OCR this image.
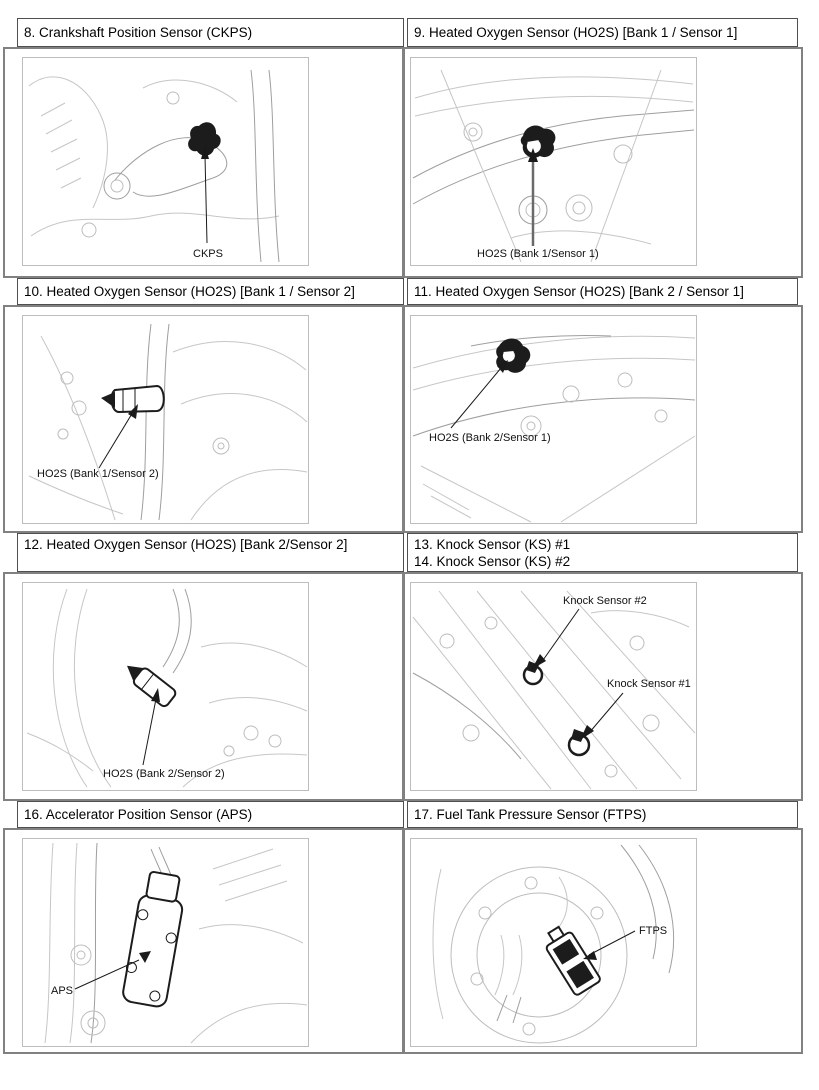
8. Crankshaft Position Sensor (CKPS)	9. Heated Oxygen Sensor (HO2S) [Bank 1 / Sensor 1]
CKPS	HO2S (Bank 1/Sensor 1)
10. Heated Oxygen Sensor (HO2S) [Bank 1 / Sensor 2]	11. Heated Oxygen Sensor (HO2S) [Bank 2 / Sensor 1]
HO2S (Bank 1/Sensor 2)
HO2S (Bank 2/Sensor 1)
12. Heated Oxygen Sensor (HO2S) [Bank 2/Sensor 2]	13. Knock Sensor (KS) #1
14. Knock Sensor (KS) #2
HO2S (Bank 2/Sensor 2)
Knock Sensor #2
Knock Sensor #1
16. Accelerator Position Sensor (APS)	17. Fuel Tank Pressure Sensor (FTPS)
APS
FTPS
